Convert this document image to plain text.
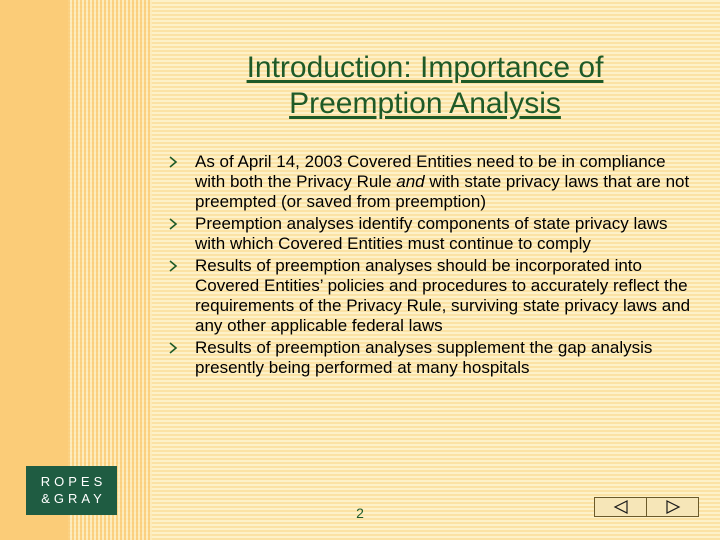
Introduction: Importance of
Preemption Analysis
As of April 14, 2003 Covered Entities need to be in compliance with both the Privacy Rule and with state privacy laws that are not preempted (or saved from preemption)
Preemption analyses identify components of state privacy laws with which Covered Entities must continue to comply
Results of preemption analyses should be incorporated into Covered Entities’ policies and procedures to accurately reflect the requirements of the Privacy Rule, surviving state privacy laws and any other applicable federal laws
Results of preemption analyses supplement the gap analysis presently being performed at many hospitals
ROPES
&GRAY
2
